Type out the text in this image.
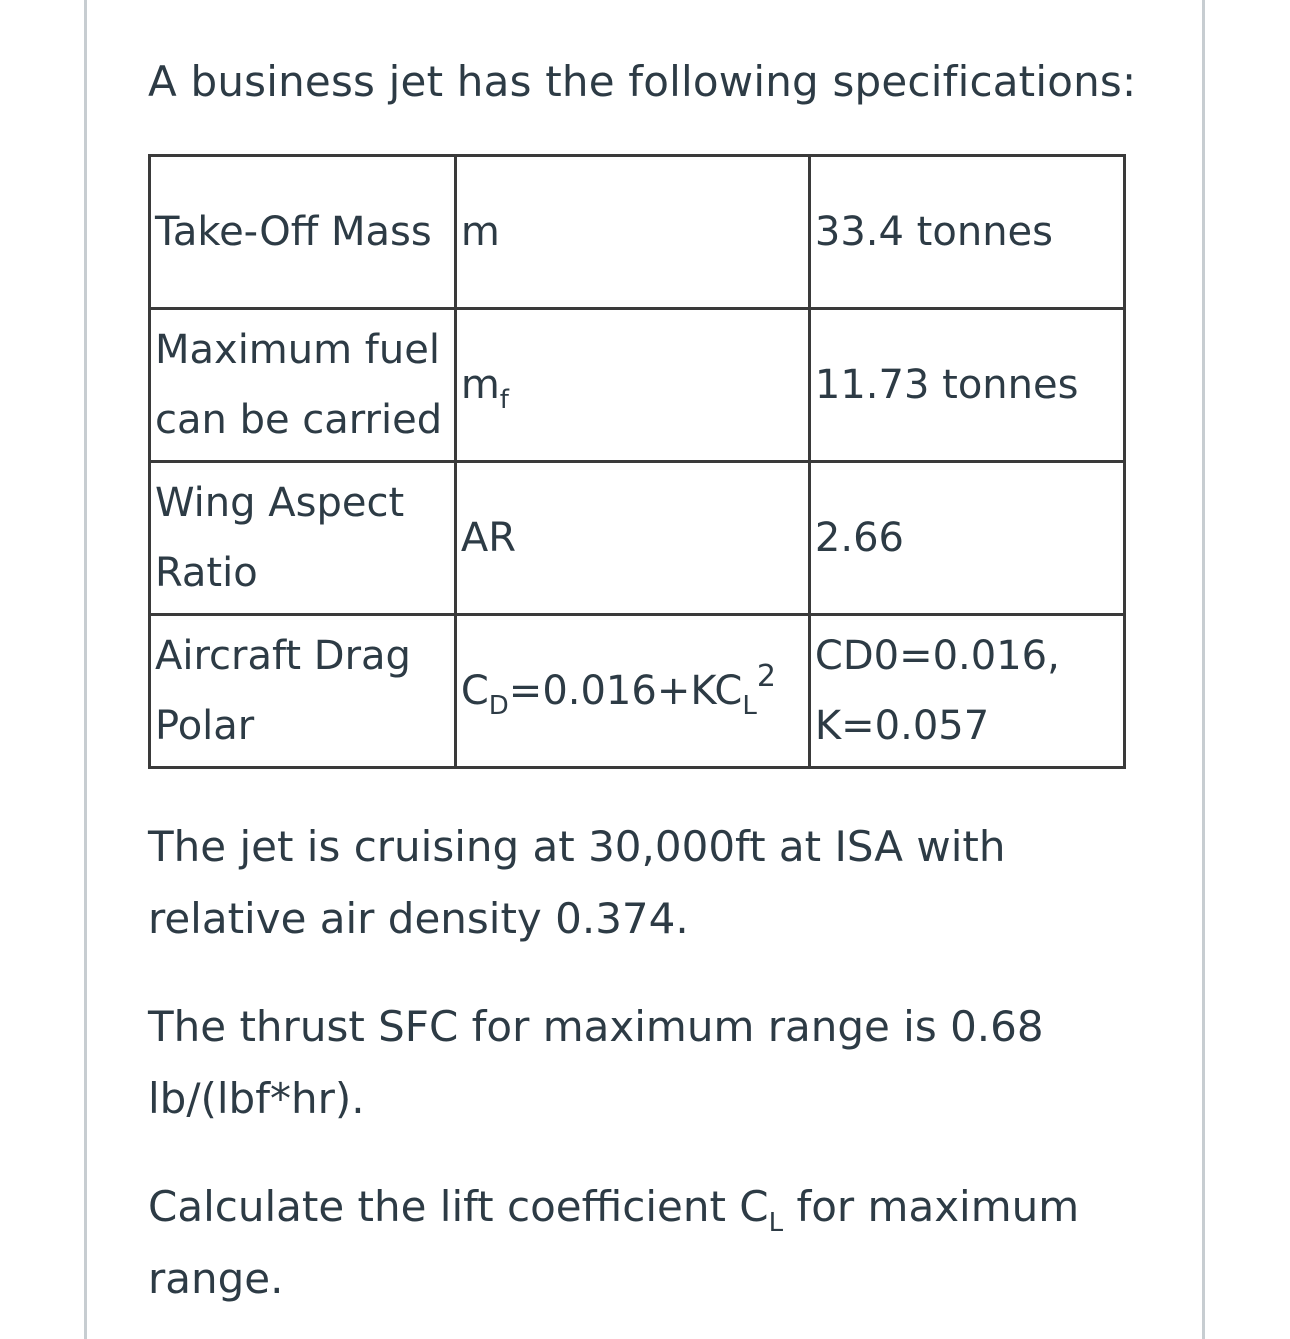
A business jet has the following specifications:

Take-Off Mass	m	33.4 tonnes
Maximum fuel can be carried	$m_f$	11.73 tonnes
Wing Aspect Ratio	AR	2.66
Aircraft Drag Polar	$C_D=0.016+KC_L^2$	CD0=0.016, K=0.057

The jet is cruising at 30,000ft at ISA with relative air density 0.374.

The thrust SFC for maximum range is 0.68 lb/(lbf*hr).

Calculate the lift coefficient $C_L$ for maximum range.
